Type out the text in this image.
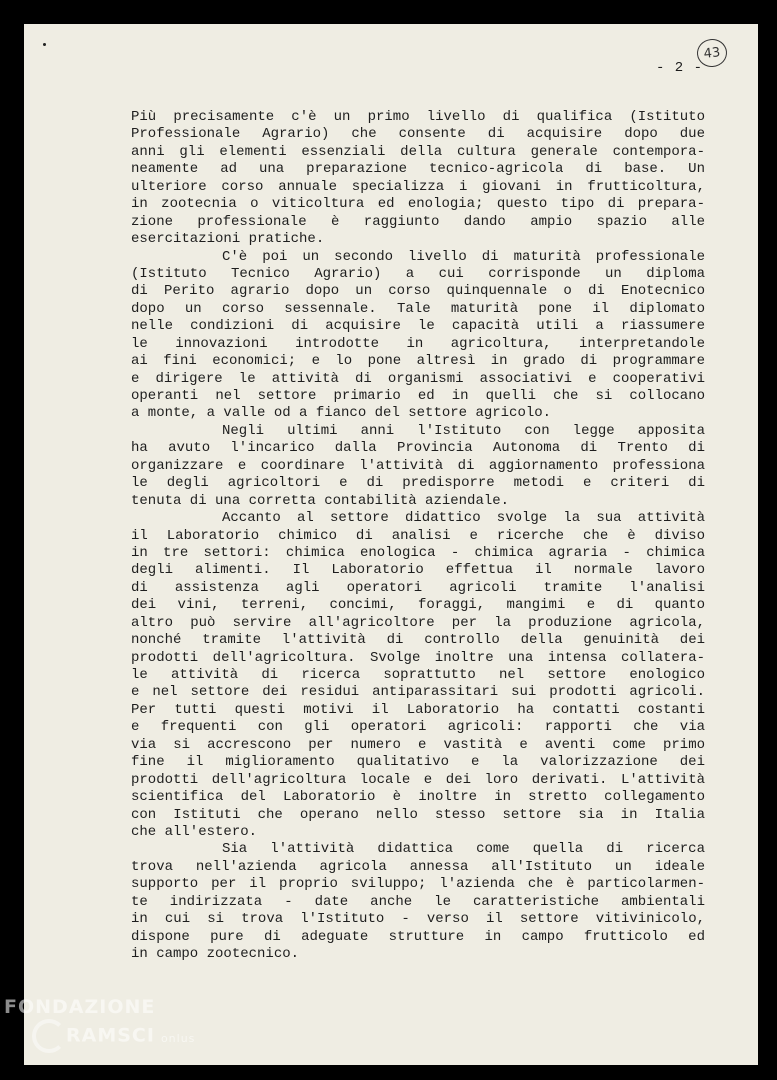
- 2 -
43
Più precisamente c'è un primo livello di qualifica (Istituto
Professionale Agrario) che consente di acquisire dopo due
anni gli elementi essenziali della cultura generale contempora-
neamente ad una preparazione tecnico-agricola di base. Un
ulteriore corso annuale specializza i giovani in frutticoltura,
in zootecnia o viticoltura ed enologia; questo tipo di prepara-
zione professionale è raggiunto dando ampio spazio alle
esercitazioni pratiche.
C'è poi un secondo livello di maturità professionale
(Istituto Tecnico Agrario) a cui corrisponde un diploma
di Perito agrario dopo un corso quinquennale o di Enotecnico
dopo un corso sessennale. Tale maturità pone il diplomato
nelle condizioni di acquisire le capacità utili a riassumere
le innovazioni introdotte in agricoltura, interpretandole
ai fini economici; e lo pone altresì in grado di programmare
e dirigere le attività di organismi associativi e cooperativi
operanti nel settore primario ed in quelli che si collocano
a monte, a valle od a fianco del settore agricolo.
Negli ultimi anni l'Istituto con legge apposita
ha avuto l'incarico dalla Provincia Autonoma di Trento di
organizzare e coordinare l'attività di aggiornamento professiona
le degli agricoltori e di predisporre metodi e criteri di
tenuta di una corretta contabilità aziendale.
Accanto al settore didattico svolge la sua attività
il Laboratorio chimico di analisi e ricerche che è diviso
in tre settori: chimica enologica - chimica agraria - chimica
degli alimenti. Il Laboratorio effettua il normale lavoro
di assistenza agli operatori agricoli tramite l'analisi
dei vini, terreni, concimi, foraggi, mangimi e di quanto
altro può servire all'agricoltore per la produzione agricola,
nonché tramite l'attività di controllo della genuinità dei
prodotti dell'agricoltura. Svolge inoltre una intensa collatera-
le attività di ricerca soprattutto nel settore enologico
e nel settore dei residui antiparassitari sui prodotti agricoli.
Per tutti questi motivi il Laboratorio ha contatti costanti
e frequenti con gli operatori agricoli: rapporti che via
via si accrescono per numero e vastità e aventi come primo
fine il miglioramento qualitativo e la valorizzazione dei
prodotti dell'agricoltura locale e dei loro derivati. L'attività
scientifica del Laboratorio è inoltre in stretto collegamento
con Istituti che operano nello stesso settore sia in Italia
che all'estero.
Sia l'attività didattica come quella di ricerca
trova nell'azienda agricola annessa all'Istituto un ideale
supporto per il proprio sviluppo; l'azienda che è particolarmen-
te indirizzata - date anche le caratteristiche ambientali
in cui si trova l'Istituto - verso il settore vitivinicolo,
dispone pure di adeguate strutture in campo frutticolo ed
in campo zootecnico.
FONDAZIONE
RAMSCI onlus
